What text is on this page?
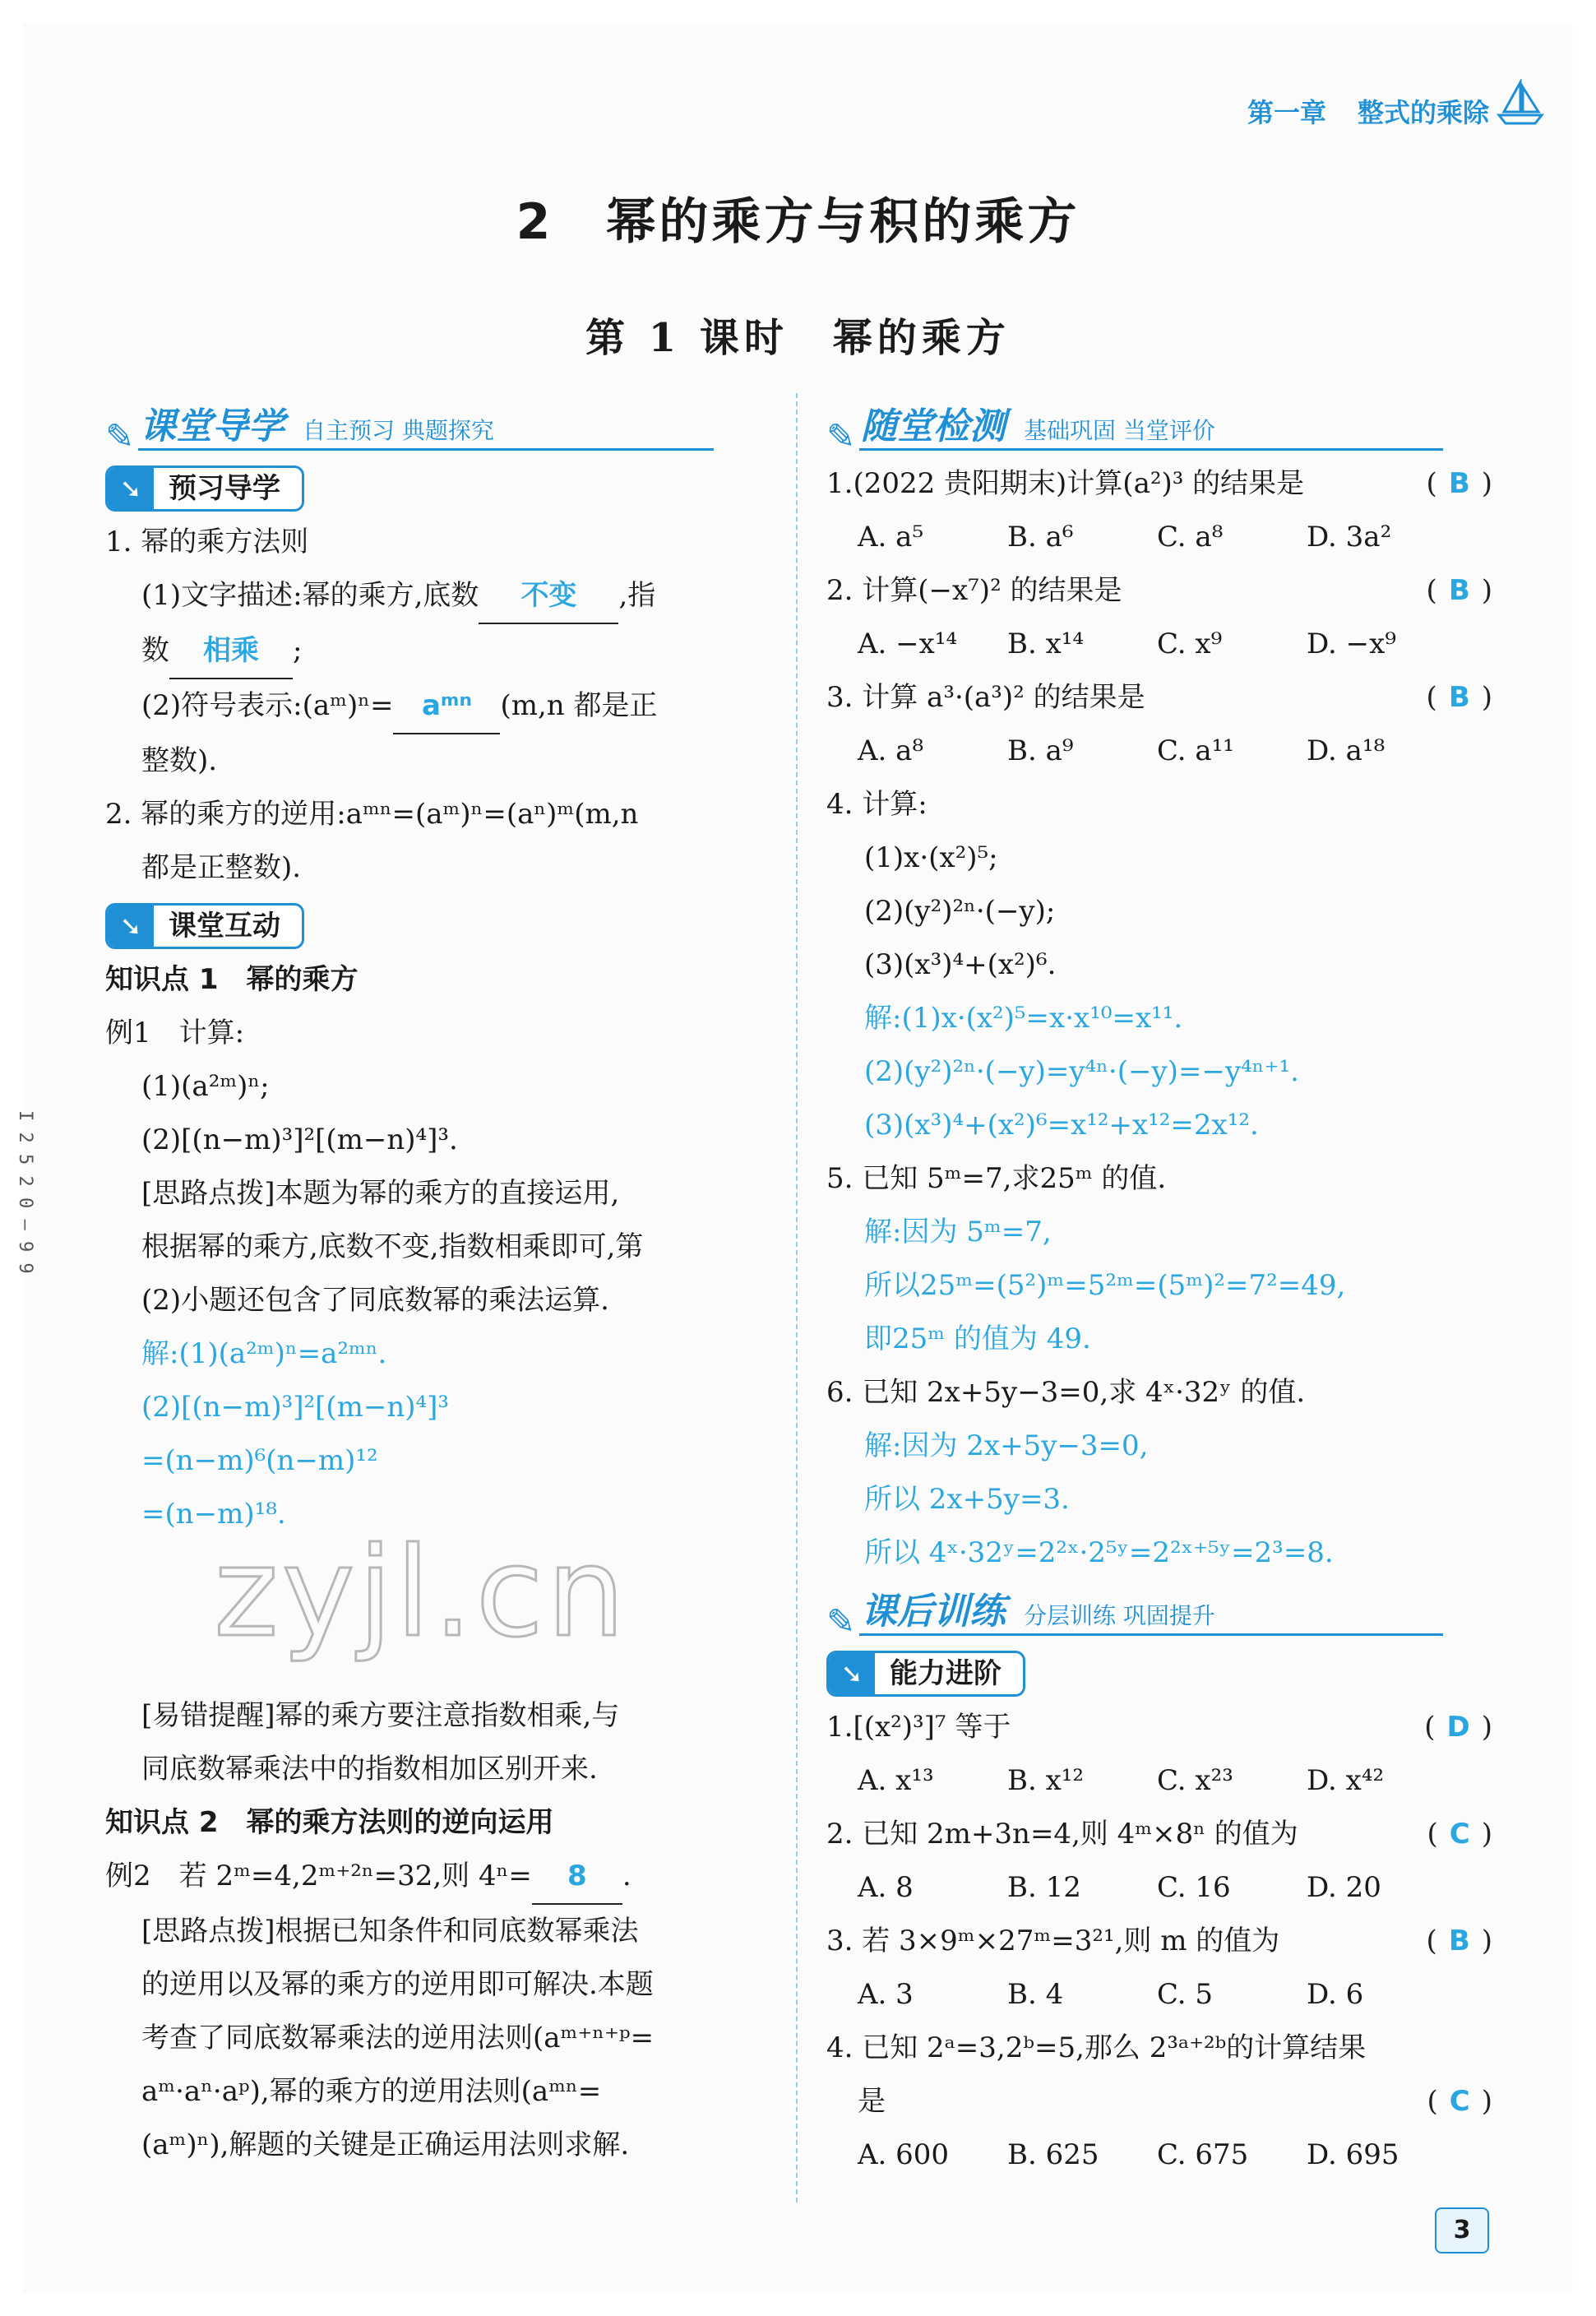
第一章 整式的乘除
2　幂的乘方与积的乘方
第 1 课时　幂的乘方
I 2 5 2 0 — 9 9
✎ 课堂导学 自主预习 典题探究
➘ 预习导学
1. 幂的乘方法则
(1)文字描述:幂的乘方,底数 不变 ,指
数 相乘 ;
(2)符号表示:(aᵐ)ⁿ= aᵐⁿ (m,n 都是正
整数).
2. 幂的乘方的逆用:aᵐⁿ=(aᵐ)ⁿ=(aⁿ)ᵐ(m,n
都是正整数).
➘ 课堂互动
知识点 1　幂的乘方
例1　计算:
(1)(a²ᵐ)ⁿ;
(2)[(n−m)³]²[(m−n)⁴]³.
[思路点拨]本题为幂的乘方的直接运用,
根据幂的乘方,底数不变,指数相乘即可,第
(2)小题还包含了同底数幂的乘法运算.
解:(1)(a²ᵐ)ⁿ=a²ᵐⁿ.
(2)[(n−m)³]²[(m−n)⁴]³
=(n−m)⁶(n−m)¹²
=(n−m)¹⁸.
[易错提醒]幂的乘方要注意指数相乘,与
同底数幂乘法中的指数相加区别开来.
知识点 2　幂的乘方法则的逆向运用
例2　若 2ᵐ=4,2ᵐ⁺²ⁿ=32,则 4ⁿ= 8 .
[思路点拨]根据已知条件和同底数幂乘法
的逆用以及幂的乘方的逆用即可解决.本题
考查了同底数幂乘法的逆用法则(aᵐ⁺ⁿ⁺ᵖ=
aᵐ·aⁿ·aᵖ),幂的乘方的逆用法则(aᵐⁿ=
(aᵐ)ⁿ),解题的关键是正确运用法则求解.
✎ 随堂检测 基础巩固 当堂评价
1.(2022 贵阳期末)计算(a²)³ 的结果是	( B )
A. a⁵	B. a⁶	C. a⁸	D. 3a²
2. 计算(−x⁷)² 的结果是	( B )
A. −x¹⁴	B. x¹⁴	C. x⁹	D. −x⁹
3. 计算 a³·(a³)² 的结果是	( B )
A. a⁸	B. a⁹	C. a¹¹	D. a¹⁸
4. 计算:
(1)x·(x²)⁵;
(2)(y²)²ⁿ·(−y);
(3)(x³)⁴+(x²)⁶.
解:(1)x·(x²)⁵=x·x¹⁰=x¹¹.
(2)(y²)²ⁿ·(−y)=y⁴ⁿ·(−y)=−y⁴ⁿ⁺¹.
(3)(x³)⁴+(x²)⁶=x¹²+x¹²=2x¹².
5. 已知 5ᵐ=7,求25ᵐ 的值.
解:因为 5ᵐ=7,
所以25ᵐ=(5²)ᵐ=5²ᵐ=(5ᵐ)²=7²=49,
即25ᵐ 的值为 49.
6. 已知 2x+5y−3=0,求 4ˣ·32ʸ 的值.
解:因为 2x+5y−3=0,
所以 2x+5y=3.
所以 4ˣ·32ʸ=2²ˣ·2⁵ʸ=2²ˣ⁺⁵ʸ=2³=8.
✎ 课后训练 分层训练 巩固提升
➘ 能力进阶
1.[(x²)³]⁷ 等于	( D )
A. x¹³	B. x¹²	C. x²³	D. x⁴²
2. 已知 2m+3n=4,则 4ᵐ×8ⁿ 的值为	( C )
A. 8	B. 12	C. 16	D. 20
3. 若 3×9ᵐ×27ᵐ=3²¹,则 m 的值为	( B )
A. 3	B. 4	C. 5	D. 6
4. 已知 2ᵃ=3,2ᵇ=5,那么 2³ᵃ⁺²ᵇ的计算结果
是	( C )
A. 600	B. 625	C. 675	D. 695
zyjl.cn
3
